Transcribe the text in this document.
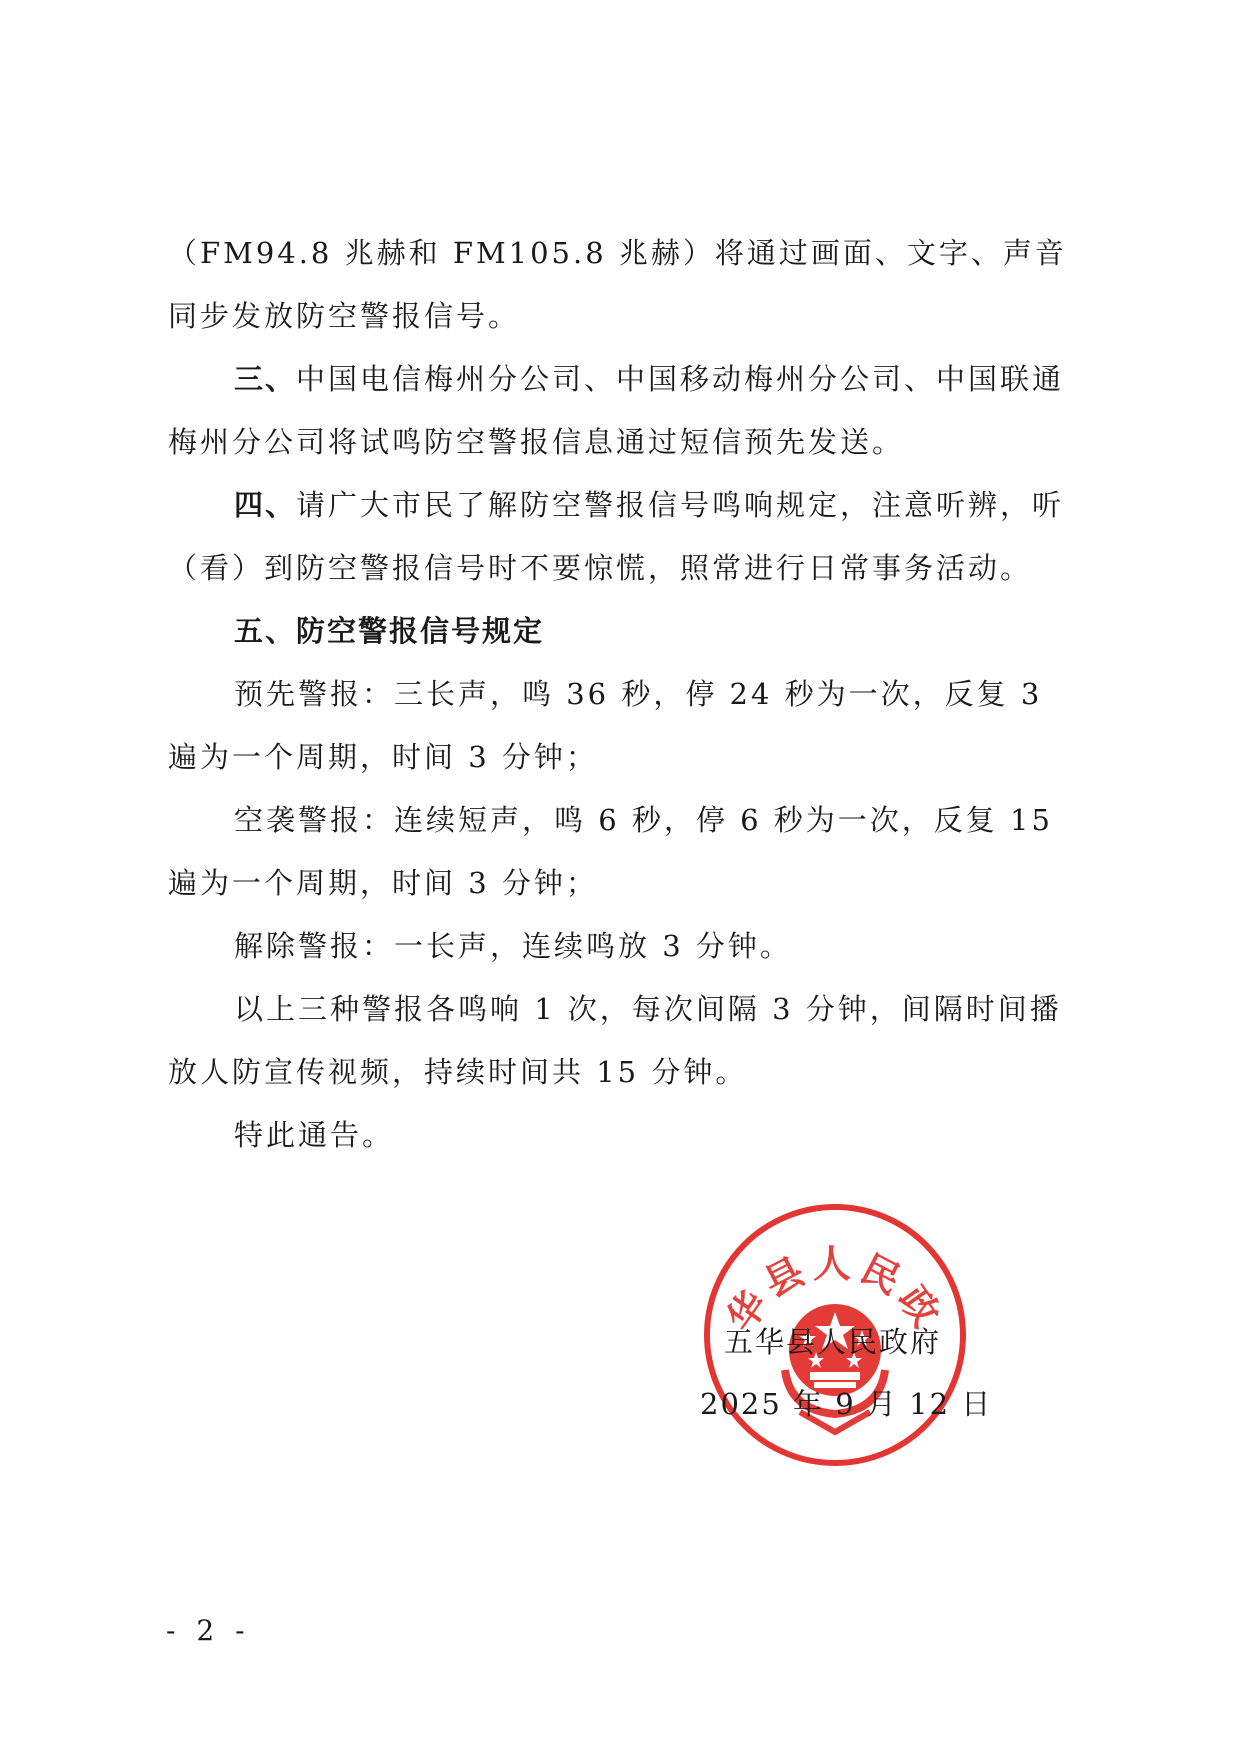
（FM94.8 兆赫和 FM105.8 兆赫）将通过画面、文字、声音同步发放防空警报信号。

三、中国电信梅州分公司、中国移动梅州分公司、中国联通梅州分公司将试鸣防空警报信息通过短信预先发送。

四、请广大市民了解防空警报信号鸣响规定，注意听辨，听（看）到防空警报信号时不要惊慌，照常进行日常事务活动。

五、防空警报信号规定

预先警报：三长声，鸣 36 秒，停 24 秒为一次，反复 3 遍为一个周期，时间 3 分钟；

空袭警报：连续短声，鸣 6 秒，停 6 秒为一次，反复 15 遍为一个周期，时间 3 分钟；

解除警报：一长声，连续鸣放 3 分钟。

以上三种警报各鸣响 1 次，每次间隔 3 分钟，间隔时间播放人防宣传视频，持续时间共 15 分钟。

特此通告。

华县人民政
五华县人民政府
2025 年 9 月 12 日
- 2 -
